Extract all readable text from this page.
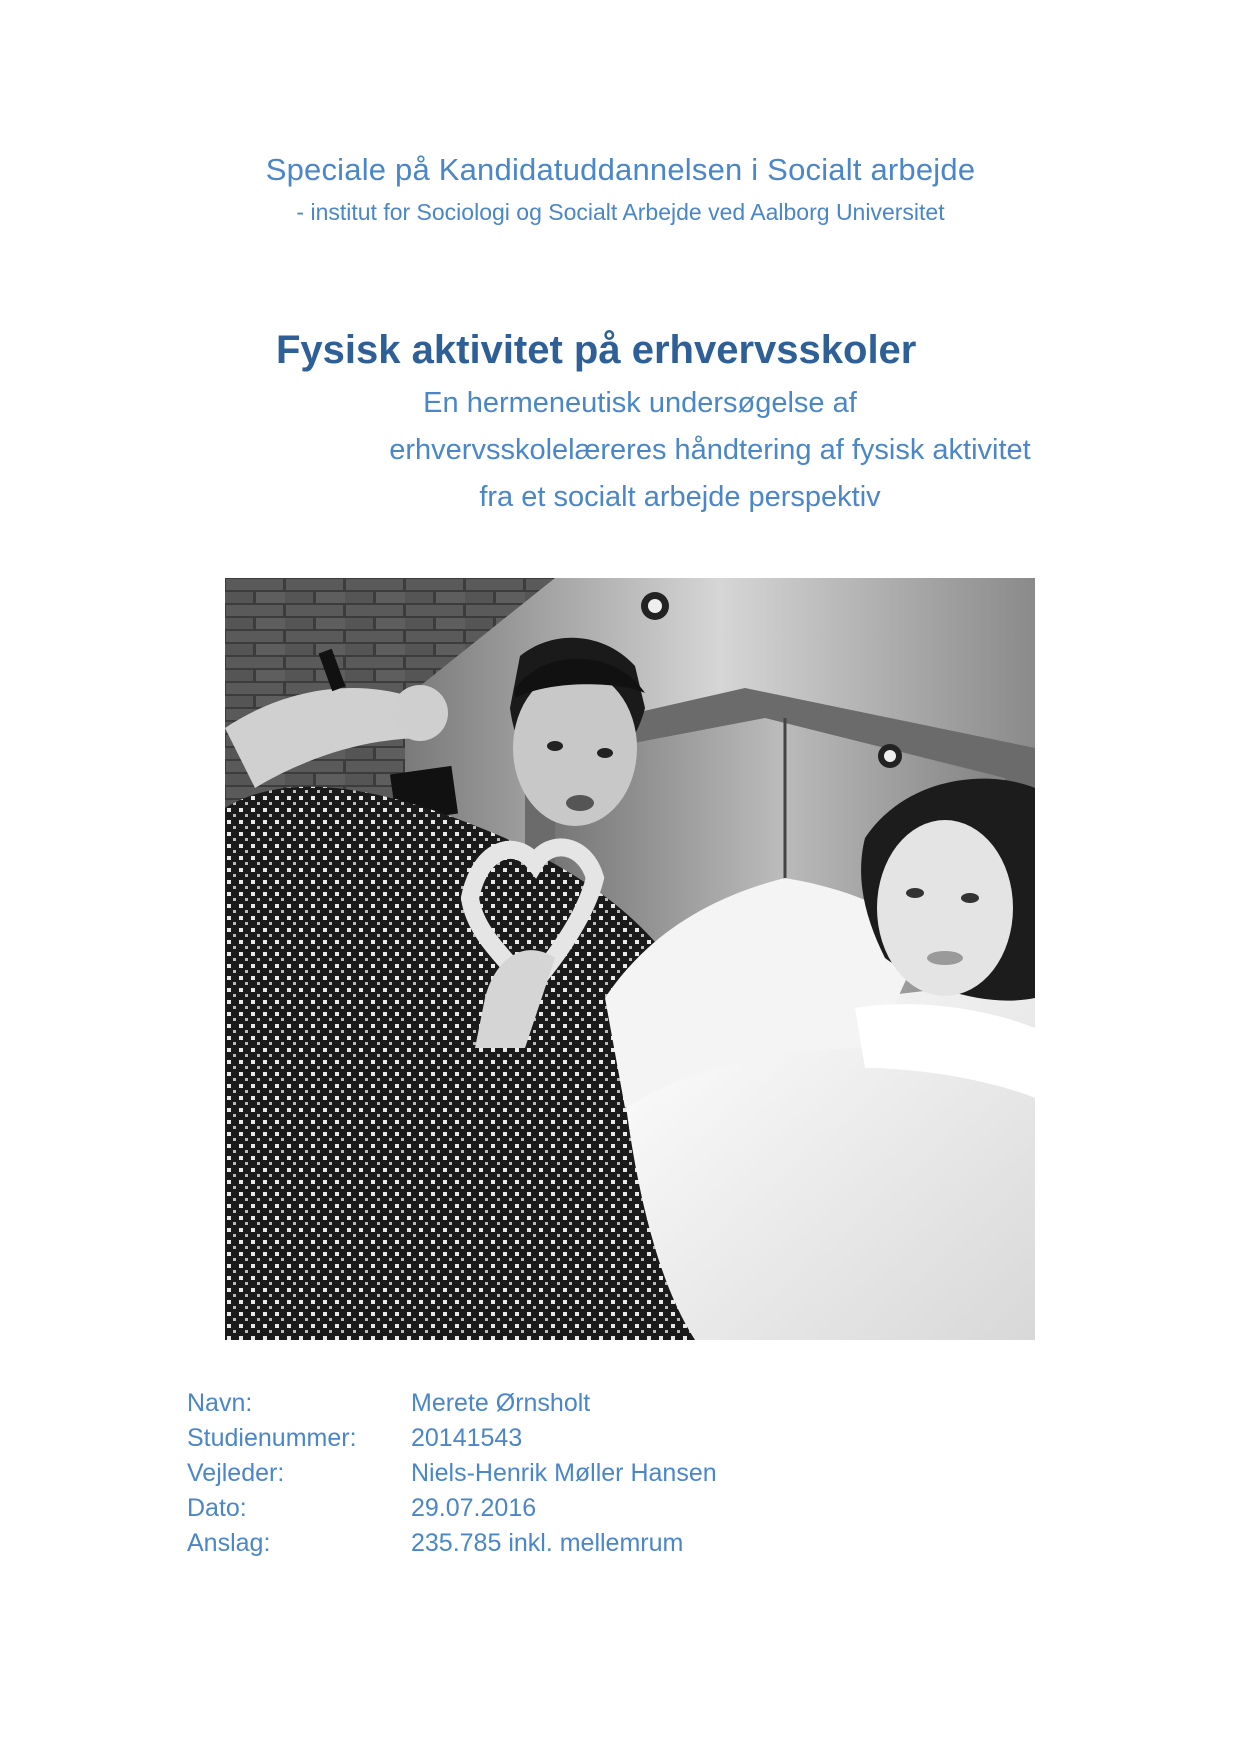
Speciale på Kandidatuddannelsen i Socialt arbejde
- institut for Sociologi og Socialt Arbejde ved Aalborg Universitet
Fysisk aktivitet på erhvervsskoler
En hermeneutisk undersøgelse af
erhvervsskolelæreres håndtering af fysisk aktivitet
fra et socialt arbejde perspektiv
Navn:	Merete Ørnsholt
Studienummer:	20141543
Vejleder:	Niels-Henrik Møller Hansen
Dato:	29.07.2016
Anslag:	235.785 inkl. mellemrum
